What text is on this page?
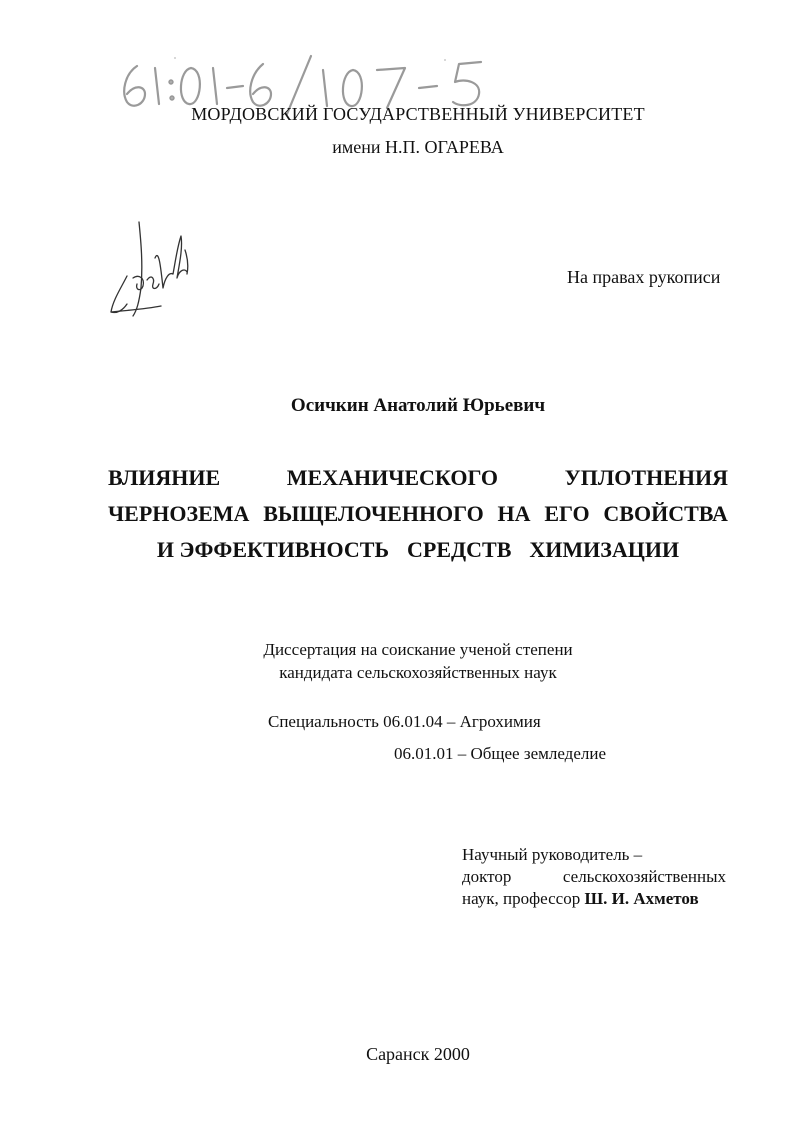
МОРДОВСКИЙ ГОСУДАРСТВЕННЫЙ УНИВЕРСИТЕТ
имени Н.П. ОГАРЕВА
На правах рукописи
Осичкин Анатолий Юрьевич
ВЛИЯНИЕ	МЕХАНИЧЕСКОГО	УПЛОТНЕНИЯ
ЧЕРНОЗЕМА ВЫЩЕЛОЧЕННОГО НА ЕГО СВОЙСТВА
И ЭФФЕКТИВНОСТЬ СРЕДСТВ ХИМИЗАЦИИ
Диссертация на соискание ученой степени
кандидата сельскохозяйственных наук
Специальность 06.01.04 – Агрохимия
06.01.01 – Общее земледелие
Научный руководитель –
доктор	сельскохозяйственных
наук, профессор Ш. И. Ахметов
Саранск 2000
